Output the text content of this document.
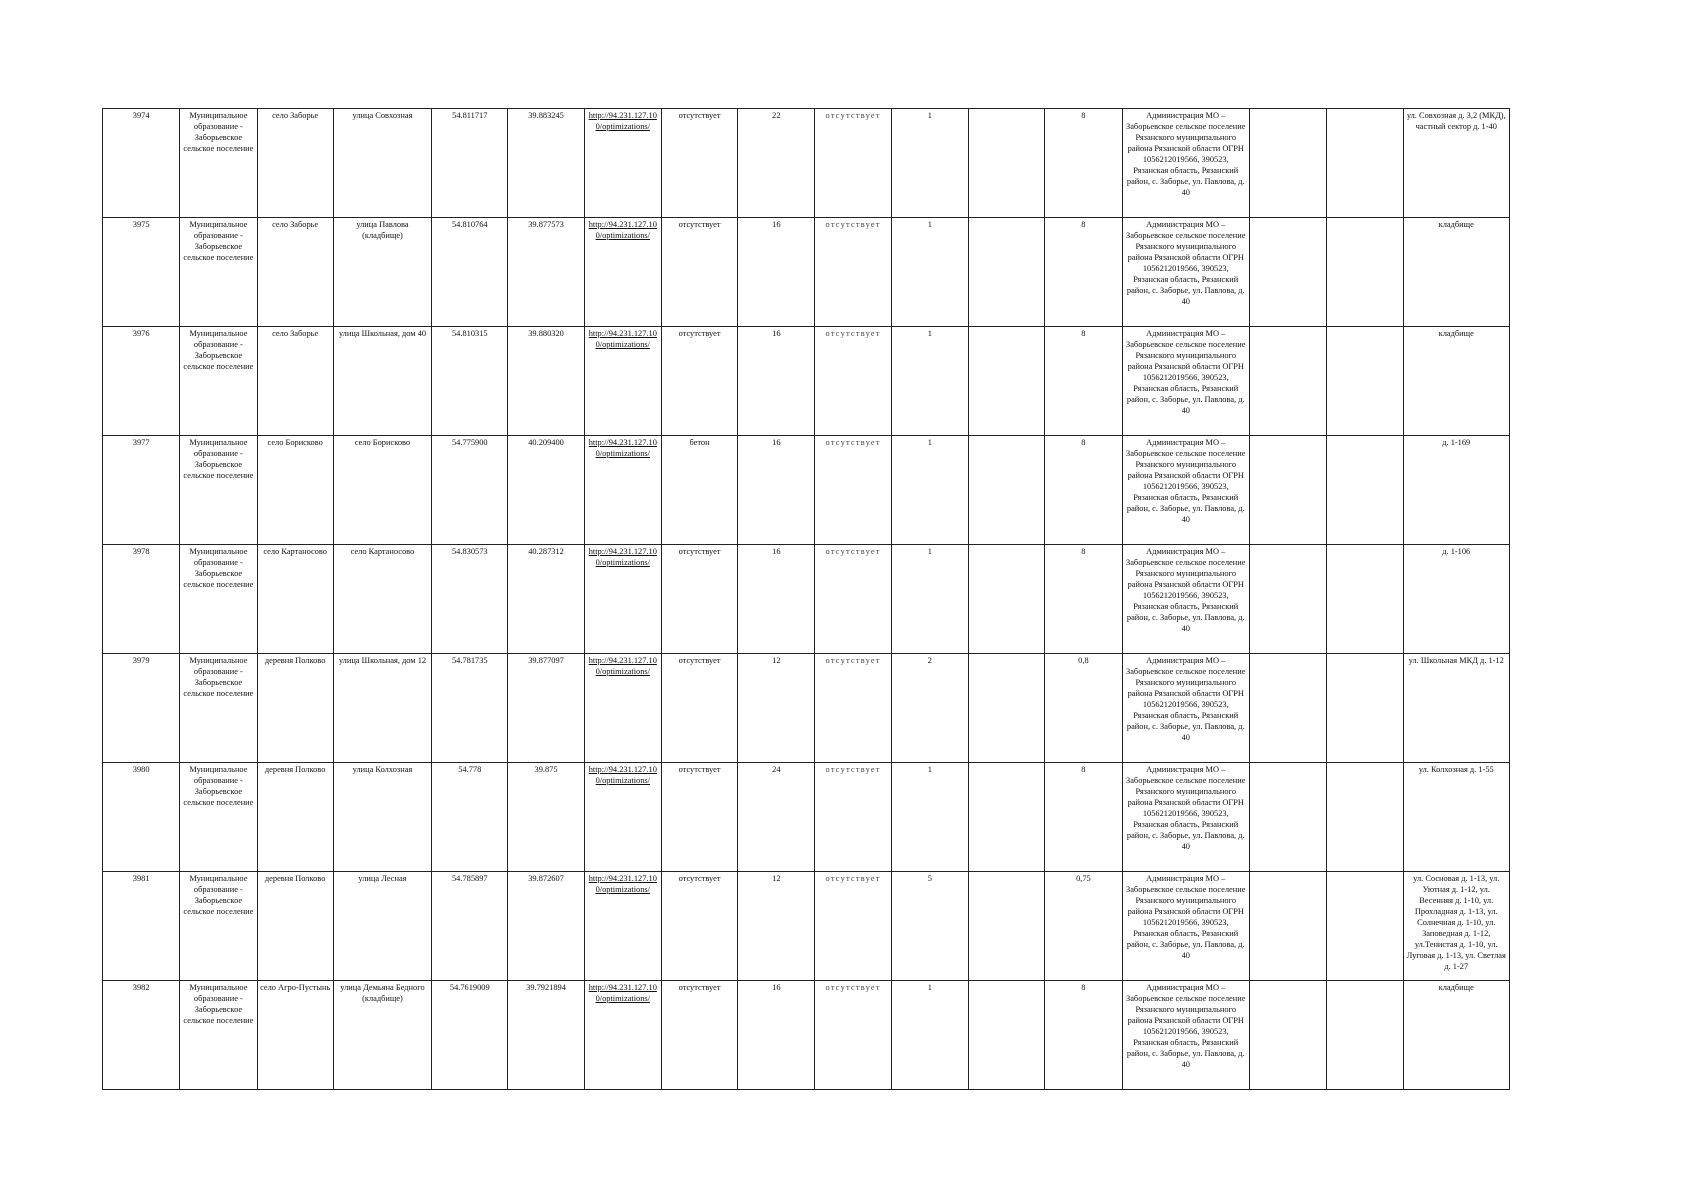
3974	Муниципальное образование - Заборьевское сельское поселение	село Заборье	улица Совхозная	54.811717	39.883245	http://94.231.127.10 0/optimizations/	отсутствует	22	отсутствует	1		8	Администрация МО – Заборьевское сельское поселение Рязанского муниципального района Рязанской области ОГРН 1056212019566, 390523, Рязанская область, Рязанский район, с. Заборье, ул. Павлова, д. 40			ул. Совхозная д. 3,2 (МКД), частный сектор д. 1-40
3975	Муниципальное образование - Заборьевское сельское поселение	село Заборье	улица Павлова (кладбище)	54.810764	39.877573	http://94.231.127.10 0/optimizations/	отсутствует	16	отсутствует	1		8	Администрация МО – Заборьевское сельское поселение Рязанского муниципального района Рязанской области ОГРН 1056212019566, 390523, Рязанская область, Рязанский район, с. Заборье, ул. Павлова, д. 40			кладбище
3976	Муниципальное образование - Заборьевское сельское поселение	село Заборье	улица Школьная, дом 40	54.810315	39.880320	http://94.231.127.10 0/optimizations/	отсутствует	16	отсутствует	1		8	Администрация МО – Заборьевское сельское поселение Рязанского муниципального района Рязанской области ОГРН 1056212019566, 390523, Рязанская область, Рязанский район, с. Заборье, ул. Павлова, д. 40			кладбище
3977	Муниципальное образование - Заборьевское сельское поселение	село Борисково	село Борисково	54.775900	40.209400	http://94.231.127.10 0/optimizations/	бетон	16	отсутствует	1		8	Администрация МО – Заборьевское сельское поселение Рязанского муниципального района Рязанской области ОГРН 1056212019566, 390523, Рязанская область, Рязанский район, с. Заборье, ул. Павлова, д. 40			д. 1-169
3978	Муниципальное образование - Заборьевское сельское поселение	село Картаносово	село Картаносово	54.830573	40.287312	http://94.231.127.10 0/optimizations/	отсутствует	16	отсутствует	1		8	Администрация МО – Заборьевское сельское поселение Рязанского муниципального района Рязанской области ОГРН 1056212019566, 390523, Рязанская область, Рязанский район, с. Заборье, ул. Павлова, д. 40			д. 1-106
3979	Муниципальное образование - Заборьевское сельское поселение	деревня Полково	улица Школьная, дом 12	54.781735	39.877097	http://94.231.127.10 0/optimizations/	отсутствует	12	отсутствует	2		0,8	Администрация МО – Заборьевское сельское поселение Рязанского муниципального района Рязанской области ОГРН 1056212019566, 390523, Рязанская область, Рязанский район, с. Заборье, ул. Павлова, д. 40			ул. Школьная МКД д. 1-12
3980	Муниципальное образование - Заборьевское сельское поселение	деревня Полково	улица Колхозная	54.778	39.875	http://94.231.127.10 0/optimizations/	отсутствует	24	отсутствует	1		8	Администрация МО – Заборьевское сельское поселение Рязанского муниципального района Рязанской области ОГРН 1056212019566, 390523, Рязанская область, Рязанский район, с. Заборье, ул. Павлова, д. 40			ул. Колхозная д. 1-55
3981	Муниципальное образование - Заборьевское сельское поселение	деревня Полково	улица Лесная	54.785897	39.872607	http://94.231.127.10 0/optimizations/	отсутствует	12	отсутствует	5		0,75	Администрация МО – Заборьевское сельское поселение Рязанского муниципального района Рязанской области ОГРН 1056212019566, 390523, Рязанская область, Рязанский район, с. Заборье, ул. Павлова, д. 40			ул. Сосновая д. 1-13, ул. Уютная д. 1-12, ул. Весенняя д. 1-10, ул. Прохладная д. 1-13, ул. Солнечная д. 1-10, ул. Заповедная д. 1-12, ул.Тенистая д. 1-10, ул. Луговая д. 1-13, ул. Светлая д. 1-27
3982	Муниципальное образование - Заборьевское сельское поселение	село Агро-Пустынь	улица Демьяна Бедного (кладбище)	54.7619009	39.7921894	http://94.231.127.10 0/optimizations/	отсутствует	16	отсутствует	1		8	Администрация МО – Заборьевское сельское поселение Рязанского муниципального района Рязанской области ОГРН 1056212019566, 390523, Рязанская область, Рязанский район, с. Заборье, ул. Павлова, д. 40			кладбище
